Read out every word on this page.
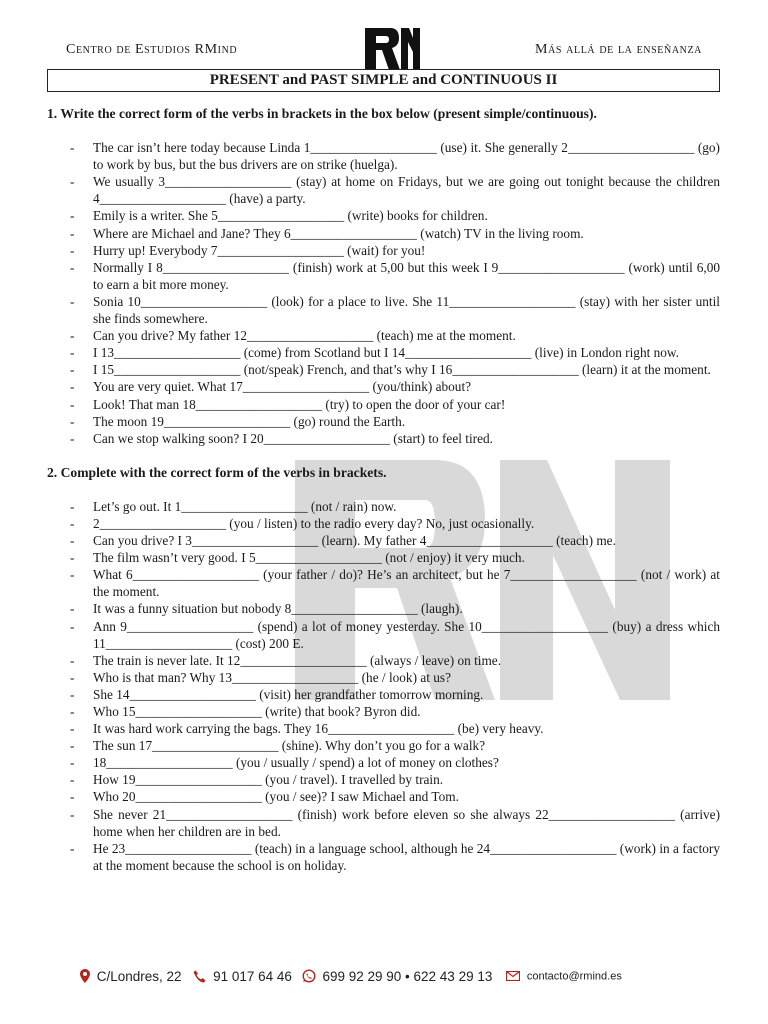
Centro de Estudios RMind	Más allá de la enseñanza
PRESENT and PAST SIMPLE and CONTINUOUS II

1. Write the correct form of the verbs in brackets in the box below (present simple/continuous).

- The car isn’t here today because Linda 1___________________ (use) it. She generally 2___________________ (go) to work by bus, but the bus drivers are on strike (huelga).
- We usually 3___________________ (stay) at home on Fridays, but we are going out tonight because the children 4___________________ (have) a party.
- Emily is a writer. She 5___________________ (write) books for children.
- Where are Michael and Jane? They 6___________________ (watch) TV in the living room.
- Hurry up! Everybody 7___________________ (wait) for you!
- Normally I 8___________________ (finish) work at 5,00 but this week I 9___________________ (work) until 6,00 to earn a bit more money.
- Sonia 10___________________ (look) for a place to live. She 11___________________ (stay) with her sister until she finds somewhere.
- Can you drive? My father 12___________________ (teach) me at the moment.
- I 13___________________ (come) from Scotland but I 14___________________ (live) in London right now.
- I 15___________________ (not/speak) French, and that’s why I 16___________________ (learn) it at the moment.
- You are very quiet. What 17___________________ (you/think) about?
- Look! That man 18___________________ (try) to open the door of your car!
- The moon 19___________________ (go) round the Earth.
- Can we stop walking soon? I 20___________________ (start) to feel tired.

2. Complete with the correct form of the verbs in brackets.

- Let’s go out. It 1___________________ (not / rain) now.
- 2___________________ (you / listen) to the radio every day? No, just ocasionally.
- Can you drive? I 3___________________ (learn). My father 4___________________ (teach) me.
- The film wasn’t very good. I 5___________________ (not / enjoy) it very much.
- What 6___________________ (your father / do)? He’s an architect, but he 7___________________ (not / work) at the moment.
- It was a funny situation but nobody 8___________________ (laugh).
- Ann 9___________________ (spend) a lot of money yesterday. She 10___________________ (buy) a dress which 11___________________ (cost) 200 E.
- The train is never late. It 12___________________ (always / leave) on time.
- Who is that man? Why 13___________________ (he / look) at us?
- She 14___________________ (visit) her grandfather tomorrow morning.
- Who 15___________________ (write) that book? Byron did.
- It was hard work carrying the bags. They 16___________________ (be) very heavy.
- The sun 17___________________ (shine). Why don’t you go for a walk?
- 18___________________ (you / usually / spend) a lot of money on clothes?
- How 19___________________ (you / travel). I travelled by train.
- Who 20___________________ (you / see)? I saw Michael and Tom.
- She never 21___________________ (finish) work before eleven so she always 22___________________ (arrive) home when her children are in bed.
- He 23___________________ (teach) in a language school, although he 24___________________ (work) in a factory at the moment because the school is on holiday.
C/Londres, 22 91 017 64 46 699 92 29 90 • 622 43 29 13	contacto@rmind.es
